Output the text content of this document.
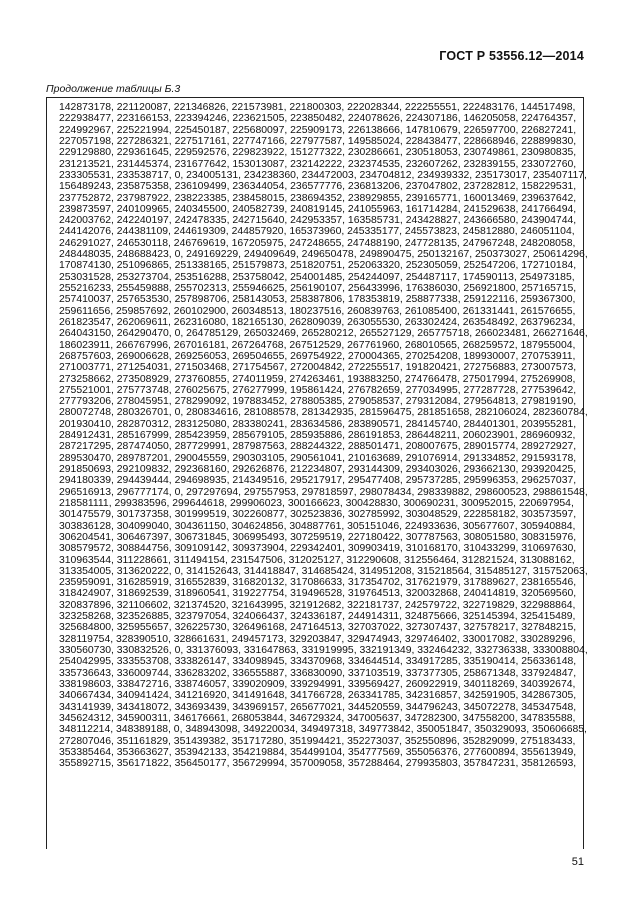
ГОСТ Р 53556.12—2014
Продолжение таблицы Б.3
142873178, 221120087, 221346826, 221573981, 221800303, 222028344, 222255551, 222483176, 144517498,
222938477, 223166153, 223394246, 223621505, 223850482, 224078626, 224307186, 146205058, 224764357,
224992967, 225221994, 225450187, 225680097, 225909173, 226138666, 147810679, 226597700, 226827241,
227057198, 227286321, 227517161, 227747166, 227977587, 149585024, 228438477, 228668946, 228899830,
229129880, 229361645, 229592576, 229823922, 151277322, 230286661, 230518053, 230749861, 230980835,
231213521, 231445374, 231677642, 153013087, 232142222, 232374535, 232607262, 232839155, 233072760,
233305531, 233538717, 0, 234005131, 234238360, 234472003, 234704812, 234939332, 235173017, 235407117,
156489243, 235875358, 236109499, 236344054, 236577776, 236813206, 237047802, 237282812, 158229531,
237752872, 237987922, 238223385, 238458015, 238694352, 238929855, 239165771, 160013469, 239637642,
239873597, 240109965, 240345500, 240582739, 240819145, 241055963, 161714284, 241529638, 241766494,
242003762, 242240197, 242478335, 242715640, 242953357, 163585731, 243428827, 243666580, 243904744,
244142076, 244381109, 244619309, 244857920, 165373960, 245335177, 245573823, 245812880, 246051104,
246291027, 246530118, 246769619, 167205975, 247248655, 247488190, 247728135, 247967248, 248208058,
248448035, 248688423, 0, 249169229, 249409649, 249650478, 249890475, 250132167, 250373027, 250614296,
170874130, 251096865, 251338165, 251579873, 251820751, 252063320, 252305059, 252547206, 172710184,
253031528, 253273704, 253516288, 253758042, 254001485, 254244097, 254487117, 174590113, 254973185,
255216233, 255459888, 255702313, 255946625, 256190107, 256433996, 176386030, 256921800, 257165715,
257410037, 257653530, 257898706, 258143053, 258387806, 178353819, 258877338, 259122116, 259367300,
259611656, 259857692, 260102900, 260348513, 180237516, 260839763, 261085400, 261331441, 261576655,
261823547, 262069611, 262316080, 182165130, 262809039, 263055530, 263302424, 263548492, 263796234,
264043150, 264290470, 0, 264785129, 265032469, 265280212, 265527129, 265775718, 266023481, 266271646,
186023911, 266767996, 267016181, 267264768, 267512529, 267761960, 268010565, 268259572, 187955004,
268757603, 269006628, 269256053, 269504655, 269754922, 270004365, 270254208, 189930007, 270753911,
271003771, 271254031, 271503468, 271754567, 272004842, 272255517, 191820421, 272756883, 273007573,
273258662, 273508929, 273760855, 274011959, 274263461, 193883250, 274766478, 275017994, 275269908,
275521001, 275773748, 276025675, 276277999, 195861424, 276782659, 277034995, 277287728, 277539642,
277793206, 278045951, 278299092, 197883452, 278805385, 279058537, 279312084, 279564813, 279819190,
280072748, 280326701, 0, 280834616, 281088578, 281342935, 281596475, 281851658, 282106024, 282360784,
201930410, 282870312, 283125080, 283380241, 283634586, 283890571, 284145740, 284401301, 203955281,
284912431, 285167999, 285423959, 285679105, 285935886, 286191853, 286448211, 206023901, 286960932,
287217295, 287474050, 287729991, 287987563, 288244322, 288501471, 208007675, 289015774, 289272927,
289530470, 289787201, 290045559, 290303105, 290561041, 210163689, 291076914, 291334852, 291593178,
291850693, 292109832, 292368160, 292626876, 212234807, 293144309, 293403026, 293662130, 293920425,
294180339, 294439444, 294698935, 214349516, 295217917, 295477408, 295737285, 295996353, 296257037,
296516913, 296777174, 0, 297297694, 297557953, 297818597, 298078434, 298339882, 298600523, 298861548,
218581111, 299383596, 299644618, 299906023, 300166623, 300428830, 300690231, 300952015, 220697954,
301475579, 301737358, 301999519, 302260877, 302523836, 302785992, 303048529, 222858182, 303573597,
303836128, 304099040, 304361150, 304624856, 304887761, 305151046, 224933636, 305677607, 305940884,
306204541, 306467397, 306731845, 306995493, 307259519, 227180422, 307787563, 308051580, 308315976,
308579572, 308844756, 309109142, 309373904, 229342401, 309903419, 310168170, 310433299, 310697630,
310963544, 311228661, 311494154, 231547506, 312025127, 312290608, 312556464, 312821524, 313088162,
313354005, 313620222, 0, 314152643, 314418847, 314685424, 314951208, 315218564, 315485127, 315752063,
235959091, 316285919, 316552839, 316820132, 317086633, 317354702, 317621979, 317889627, 238165546,
318424907, 318692539, 318960541, 319227754, 319496528, 319764513, 320032868, 240414819, 320569560,
320837896, 321106602, 321374520, 321643995, 321912682, 322181737, 242579722, 322719829, 322988864,
323258268, 323526885, 323797054, 324066437, 324336187, 244914311, 324875666, 325145394, 325415489,
325684800, 325955657, 326225730, 326496168, 247164513, 327037022, 327307437, 327578217, 327848215,
328119754, 328390510, 328661631, 249457173, 329203847, 329474943, 329746402, 330017082, 330289296,
330560730, 330832526, 0, 331376093, 331647863, 331919995, 332191349, 332464232, 332736338, 333008804,
254042995, 333553708, 333826147, 334098945, 334370968, 334644514, 334917285, 335190414, 256336148,
335736643, 336009744, 336283202, 336555887, 336830090, 337103519, 337377305, 258671348, 337924847,
338198603, 338472716, 338746057, 339020909, 339294991, 339569427, 260922919, 340118269, 340392674,
340667434, 340941424, 341216920, 341491648, 341766728, 263341785, 342316857, 342591905, 342867305,
343141939, 343418072, 343693439, 343969157, 265677021, 344520559, 344796243, 345072278, 345347548,
345624312, 345900311, 346176661, 268053844, 346729324, 347005637, 347282300, 347558200, 347835588,
348112214, 348389188, 0, 348943098, 349220034, 349497318, 349773842, 350051847, 350329093, 350606685,
272807046, 351161829, 351439382, 351717280, 351994421, 352273037, 352550896, 352829099, 275183433,
353385464, 353663627, 353942133, 354219884, 354499104, 354777569, 355056376, 277600894, 355613949,
355892715, 356171822, 356450177, 356729994, 357009058, 357288464, 279935803, 357847231, 358126593,
51
